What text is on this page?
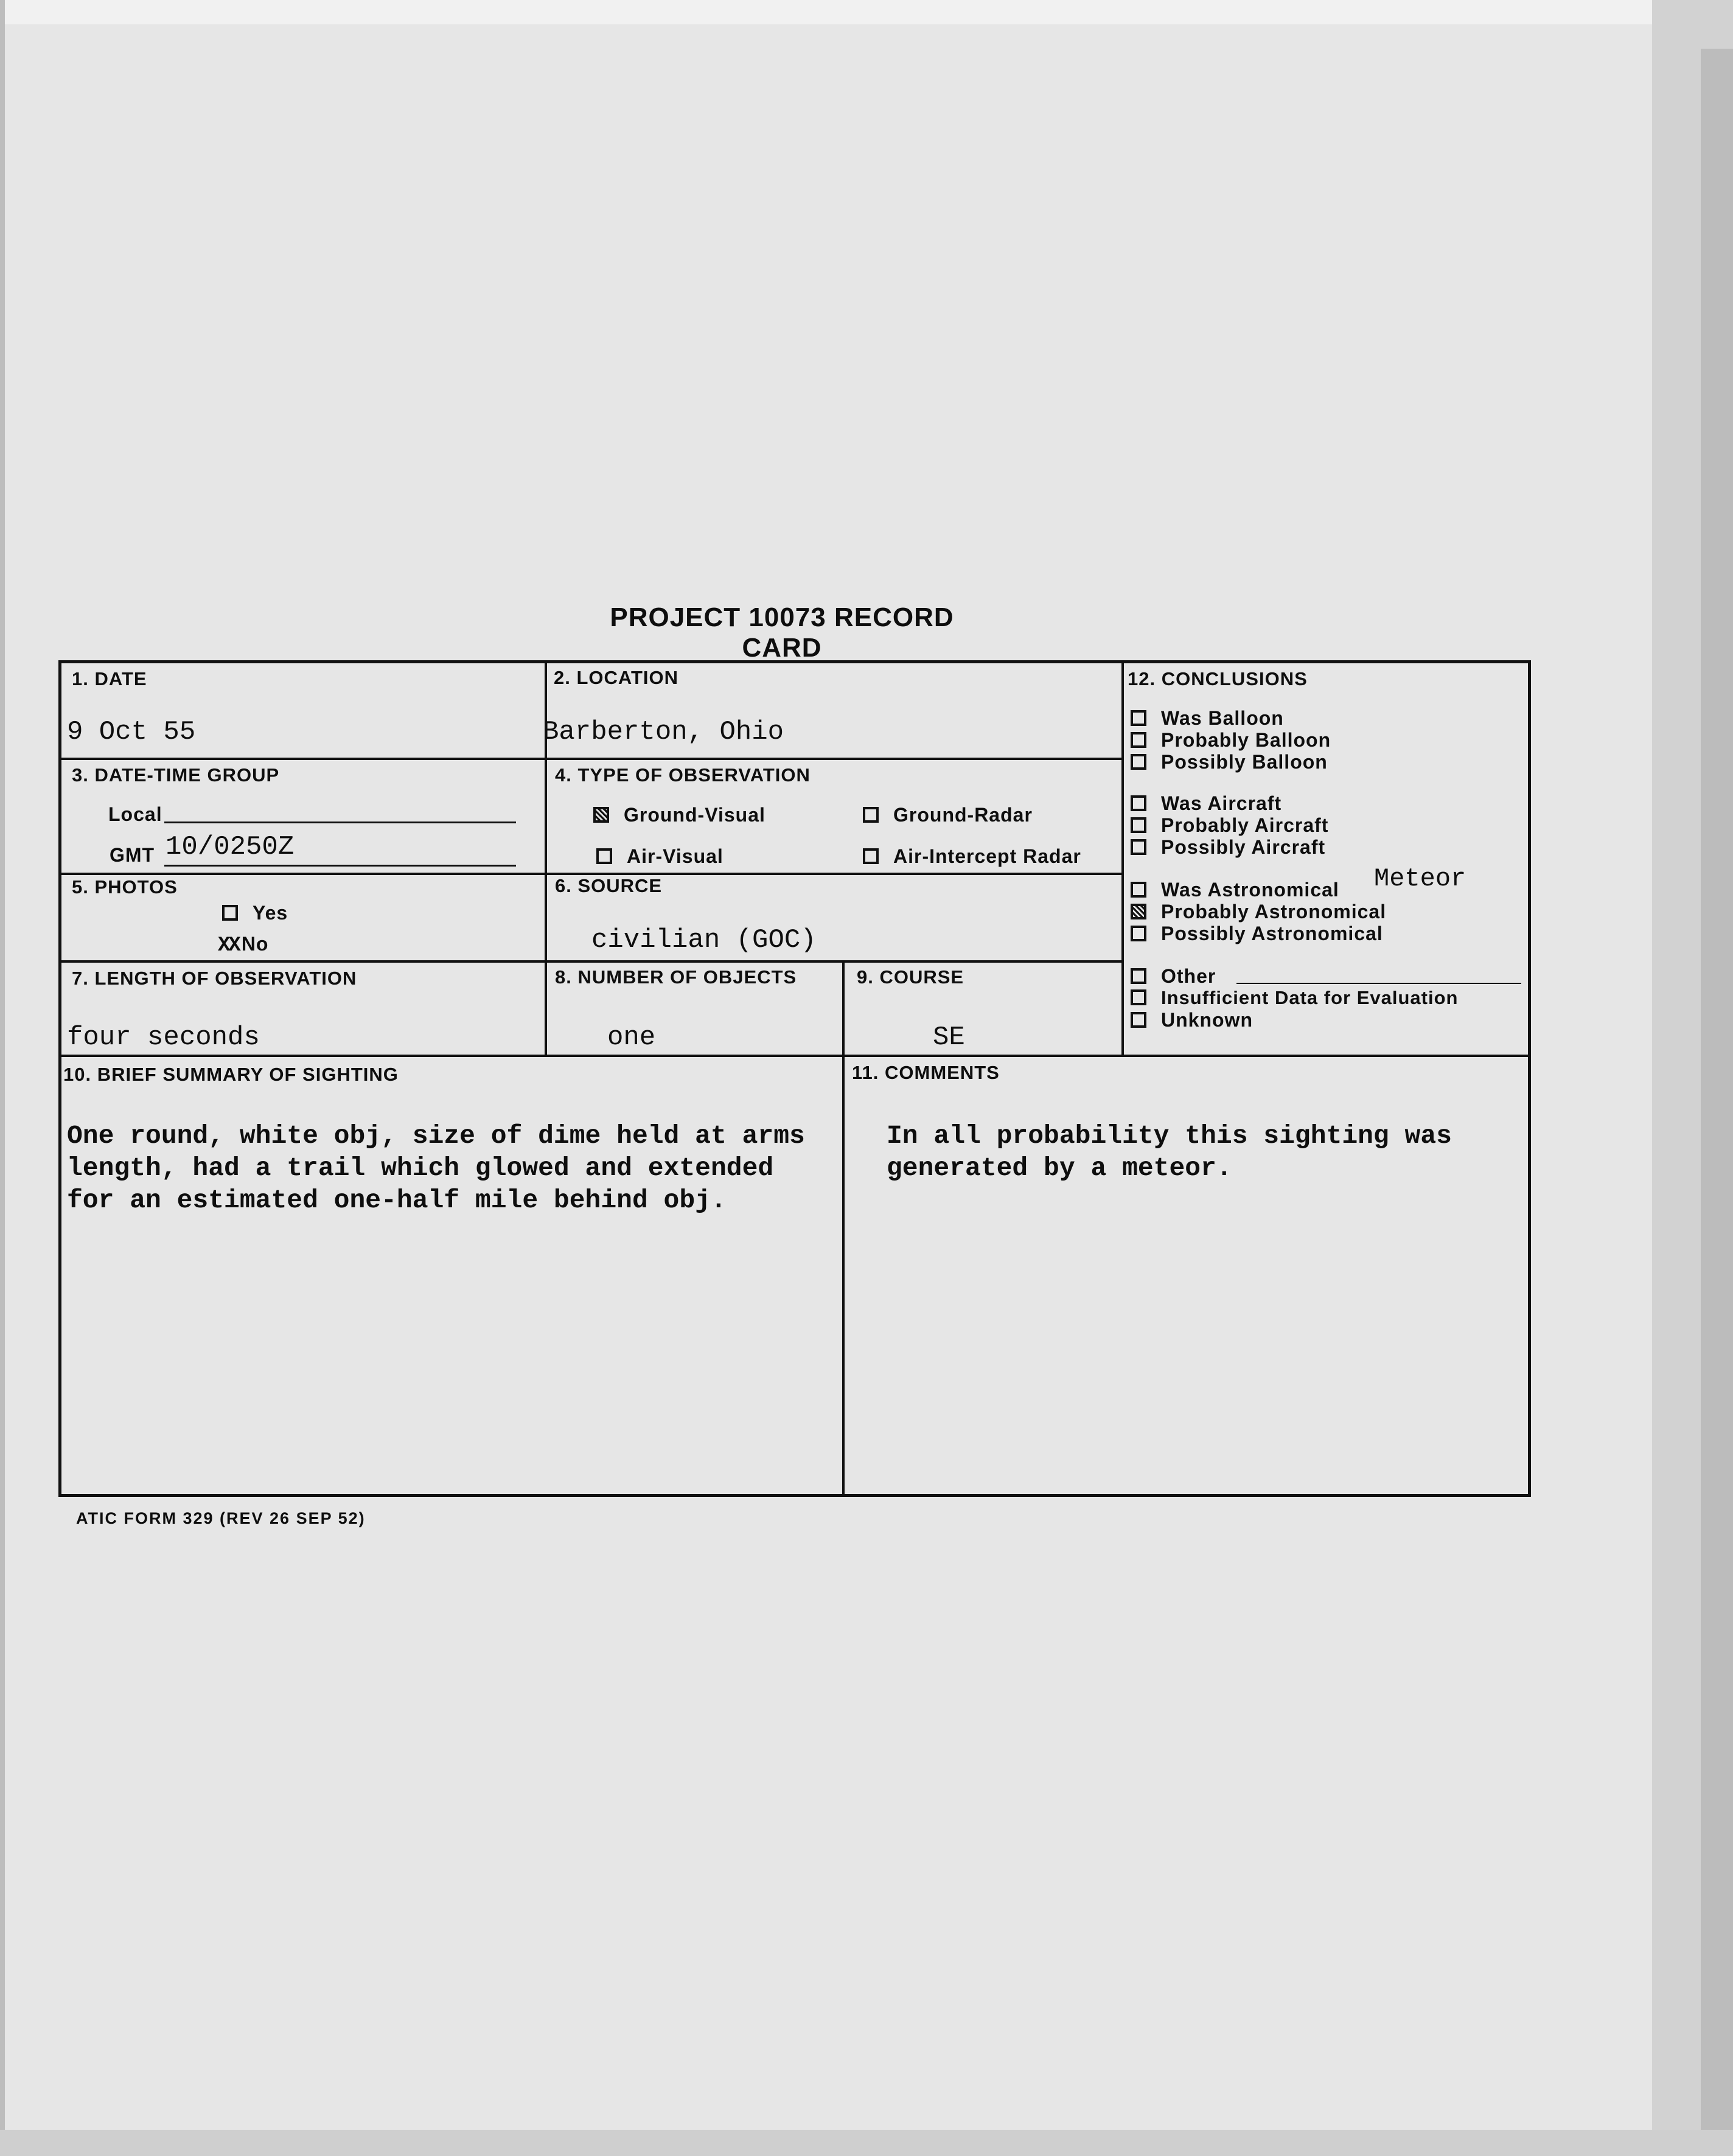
PROJECT 10073 RECORD CARD
1. DATE
9 Oct 55
2. LOCATION
Barberton, Ohio
3. DATE-TIME GROUP
Local
GMT 10/0250Z
4. TYPE OF OBSERVATION
Ground-Visual	Ground-Radar
Air-Visual	Air-Intercept Radar
5. PHOTOS
Yes
XX No
6. SOURCE
civilian (GOC)
7. LENGTH OF OBSERVATION
four seconds
8. NUMBER OF OBJECTS
one
9. COURSE
SE
10. BRIEF SUMMARY OF SIGHTING
One round, white obj, size of dime held at arms
length, had a trail which glowed and extended
for an estimated one-half mile behind obj.
11. COMMENTS
In all probability this sighting was
generated by a meteor.
12. CONCLUSIONS
Was Balloon
Probably Balloon
Possibly Balloon
Was Aircraft
Probably Aircraft
Possibly Aircraft
Was Astronomical Meteor
Probably Astronomical
Possibly Astronomical
Other
Insufficient Data for Evaluation
Unknown
ATIC FORM 329 (REV 26 SEP 52)
